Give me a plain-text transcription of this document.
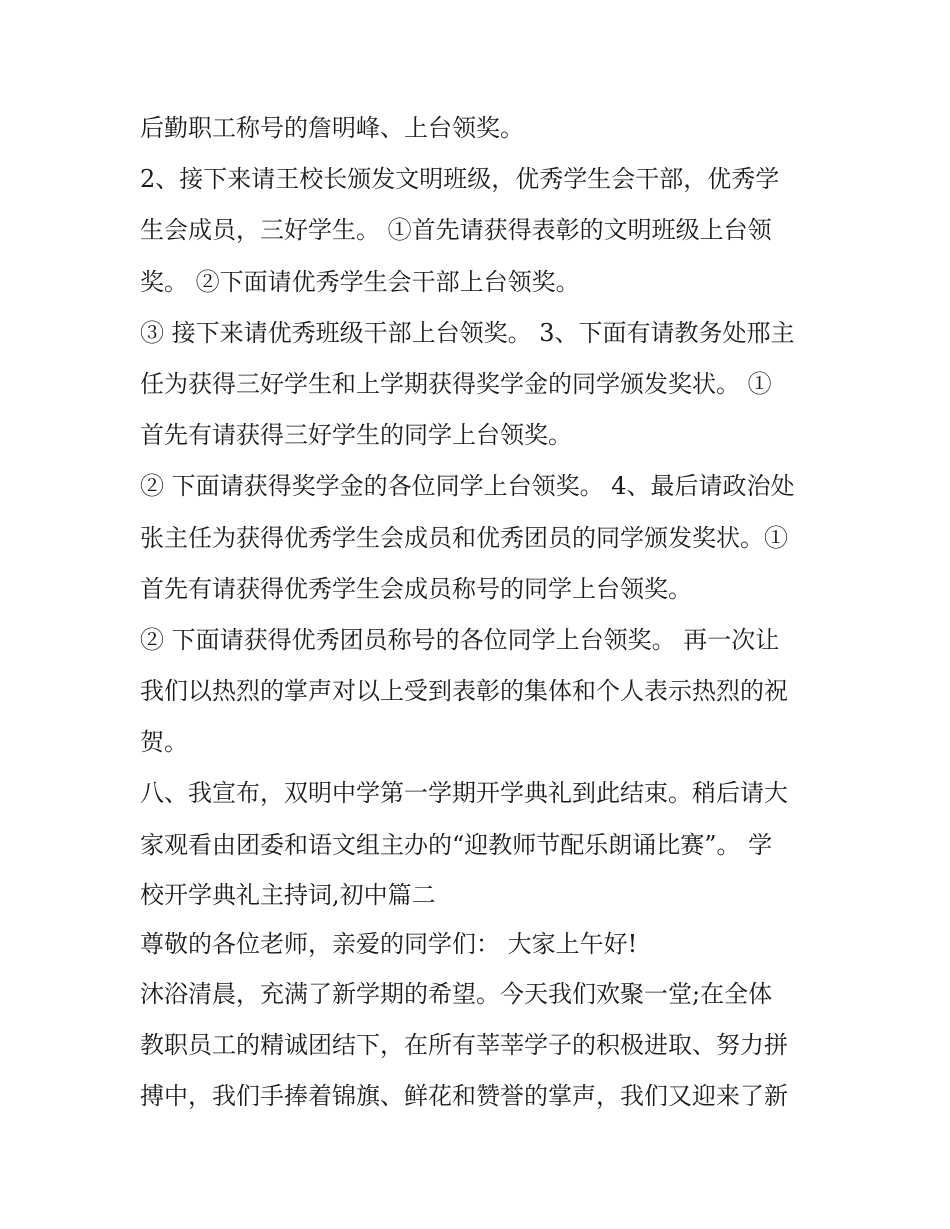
后勤职工称号的詹明峰、上台领奖。
2、接下来请王校长颁发文明班级，优秀学生会干部，优秀学
生会成员，三好学生。 ①首先请获得表彰的文明班级上台领
奖。 ②下面请优秀学生会干部上台领奖。
③ 接下来请优秀班级干部上台领奖。 3、下面有请教务处邢主
任为获得三好学生和上学期获得奖学金的同学颁发奖状。 ①
首先有请获得三好学生的同学上台领奖。
② 下面请获得奖学金的各位同学上台领奖。 4、最后请政治处
张主任为获得优秀学生会成员和优秀团员的同学颁发奖状。①
首先有请获得优秀学生会成员称号的同学上台领奖。
② 下面请获得优秀团员称号的各位同学上台领奖。 再一次让
我们以热烈的掌声对以上受到表彰的集体和个人表示热烈的祝
贺。
八、我宣布，双明中学第一学期开学典礼到此结束。稍后请大
家观看由团委和语文组主办的“迎教师节配乐朗诵比赛”。 学
校开学典礼主持词,初中篇二
尊敬的各位老师，亲爱的同学们： 大家上午好!
沐浴清晨，充满了新学期的希望。今天我们欢聚一堂;在全体
教职员工的精诚团结下，在所有莘莘学子的积极进取、努力拼
搏中，我们手捧着锦旗、鲜花和赞誉的掌声，我们又迎来了新
